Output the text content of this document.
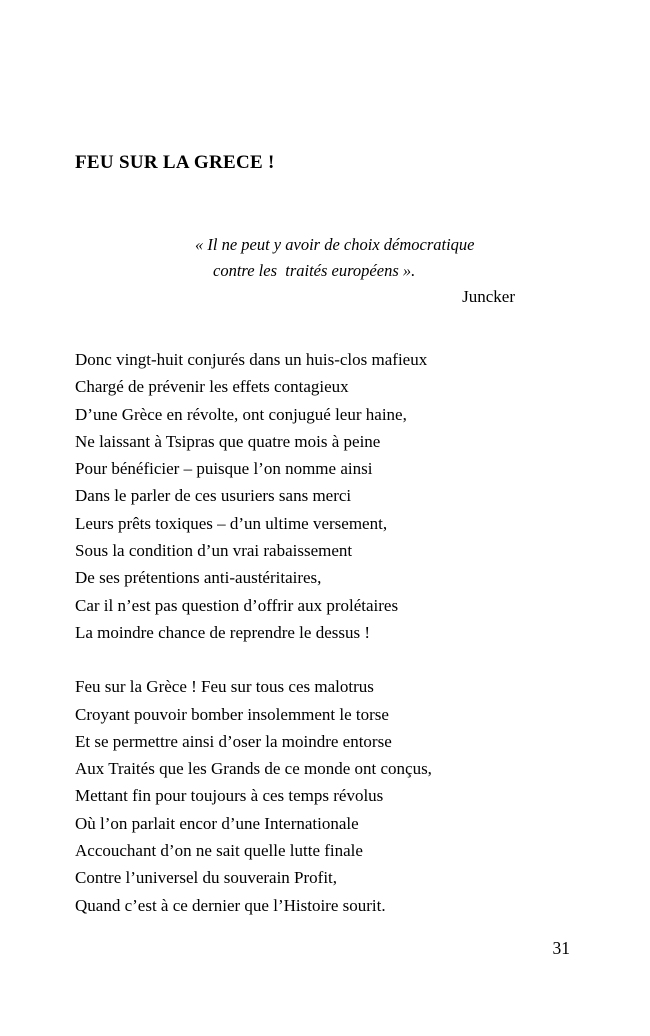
FEU SUR LA GRECE !
« Il ne peut y avoir de choix démocratique
contre les  traités européens ».
Juncker
Donc vingt-huit conjurés dans un huis-clos mafieux
Chargé de prévenir les effets contagieux
D’une Grèce en révolte, ont conjugué leur haine,
Ne laissant à Tsipras que quatre mois à peine
Pour bénéficier – puisque l’on nomme ainsi
Dans le parler de ces usuriers sans merci
Leurs prêts toxiques – d’un ultime versement,
Sous la condition d’un vrai rabaissement
De ses prétentions anti-austéritaires,
Car il n’est pas question d’offrir aux prolétaires
La moindre chance de reprendre le dessus !
Feu sur la Grèce ! Feu sur tous ces malotrus
Croyant pouvoir bomber insolemment le torse
Et se permettre ainsi d’oser la moindre entorse
Aux Traités que les Grands de ce monde ont conçus,
Mettant fin pour toujours à ces temps révolus
Où l’on parlait encor d’une Internationale
Accouchant d’on ne sait quelle lutte finale
Contre l’universel du souverain Profit,
Quand c’est à ce dernier que l’Histoire sourit.
31
